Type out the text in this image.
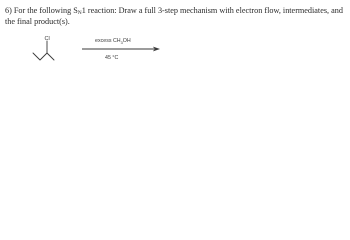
6) For the following SN1 reaction: Draw a full 3-step mechanism with electron flow, intermediates, and the final product(s).
Cl	excess $CH_3OH$
45 °C
